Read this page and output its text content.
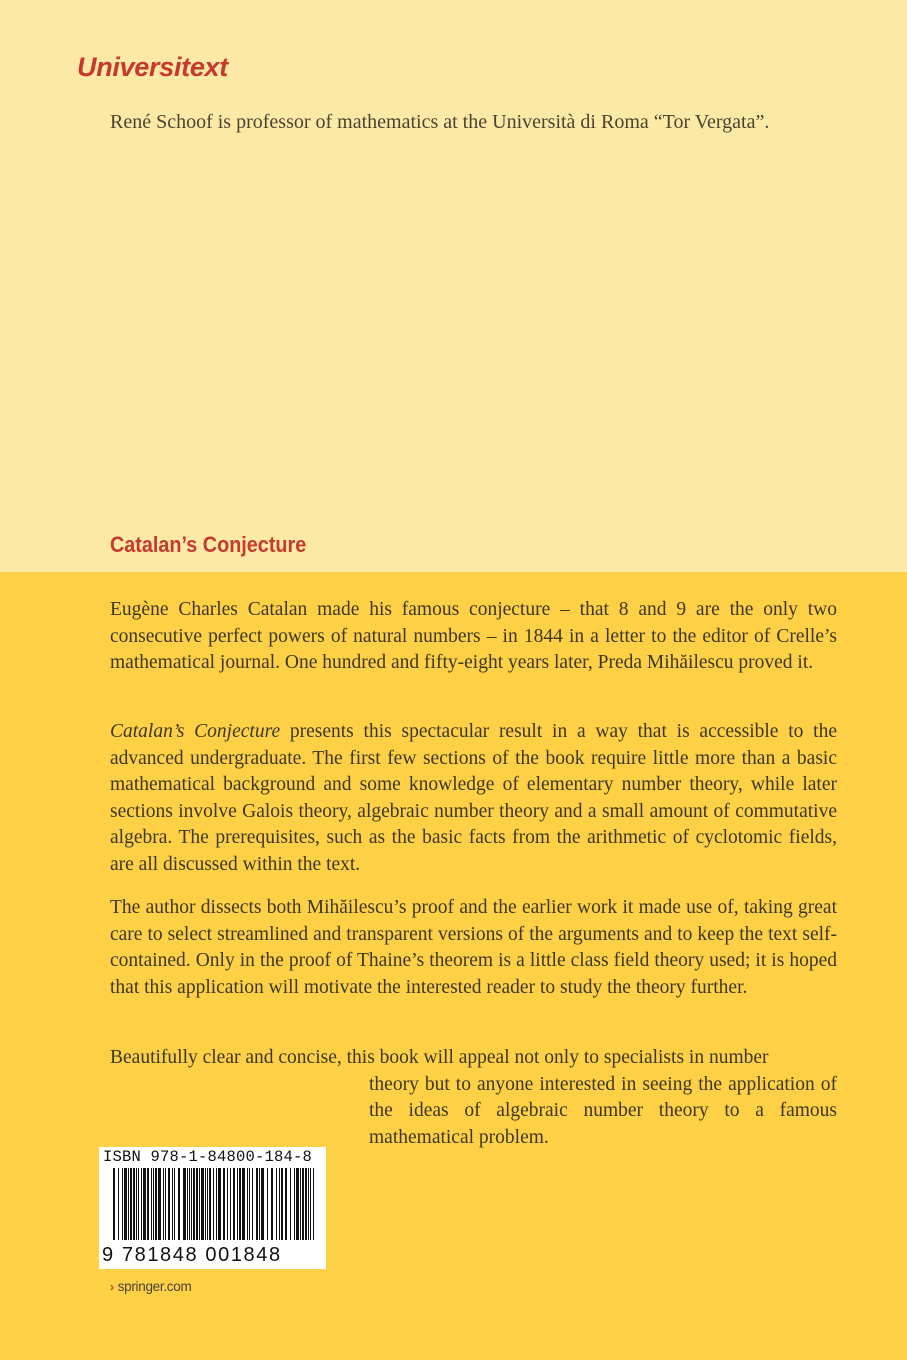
Universitext

René Schoof is professor of mathematics at the Università di Roma “Tor Vergata”.

Catalan’s Conjecture

Eugène Charles Catalan made his famous conjecture – that 8 and 9 are the only two consecutive perfect powers of natural numbers – in 1844 in a letter to the editor of Crelle’s mathematical journal. One hundred and fifty-eight years later, Preda Mihăilescu proved it.

Catalan’s Conjecture presents this spectacular result in a way that is accessible to the advanced undergraduate. The first few sections of the book require little more than a basic mathematical background and some knowledge of elementary number theory, while later sections involve Galois theory, algebraic number theory and a small amount of commutative algebra. The prerequisites, such as the basic facts from the arithmetic of cyclotomic fields, are all discussed within the text.

The author dissects both Mihăilescu’s proof and the earlier work it made use of, taking great care to select streamlined and transparent versions of the arguments and to keep the text self-contained. Only in the proof of Thaine’s theorem is a little class field theory used; it is hoped that this application will motivate the interested reader to study the theory further.

Beautifully clear and concise, this book will appeal not only to specialists in number
theory but to anyone interested in seeing the application of the ideas of algebraic number theory to a famous mathematical problem.

ISBN 978-1-84800-184-8
9 781848 001848
› springer.com
